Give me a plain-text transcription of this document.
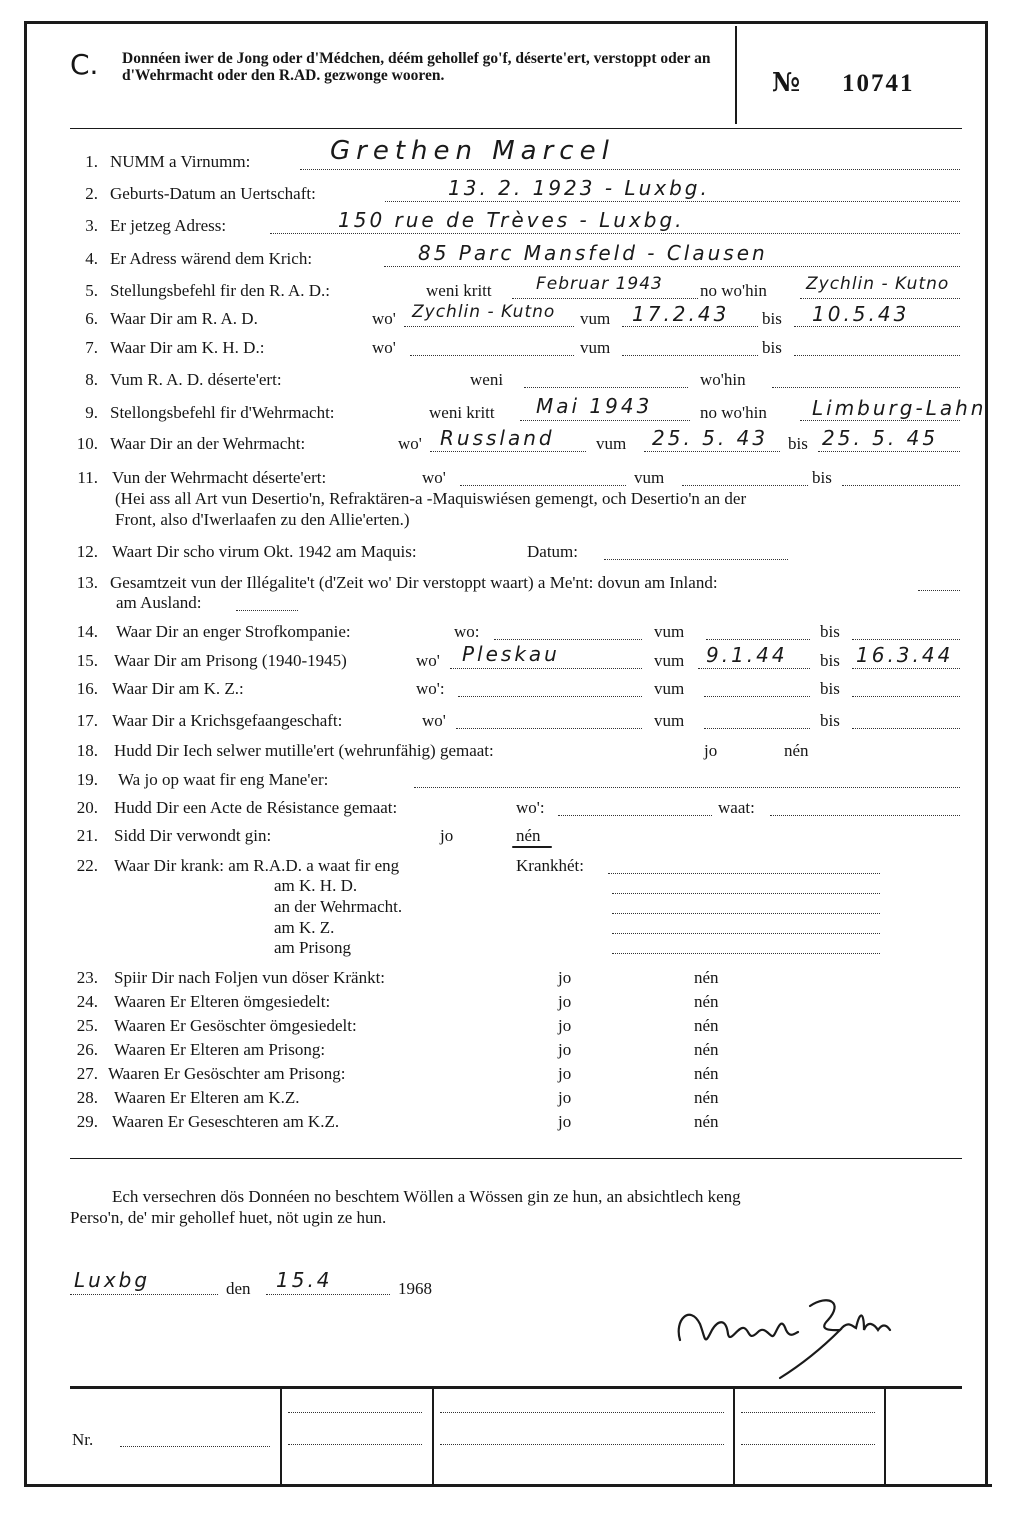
C. Donnéen iwer de Jong oder d'Médchen, déém gehollef go'f, déserte'ert, verstoppt oder an d'Wehrmacht oder den R.AD. gezwonge wooren.	№ 10741
1. NUMM a Virnumm:	Grethen Marcel
2. Geburts-Datum an Uertschaft:	13. 2. 1923 - Luxbg.
3. Er jetzeg Adress:	150 rue de Trèves - Luxbg.
4. Er Adress wärend dem Krich:	85 Parc Mansfeld - Clausen
5. Stellungsbefehl fir den R. A. D.:	weni kritt	Februar 1943 no wo'hin Zychlin - Kutno
6. Waar Dir am R. A. D.	wo' Zychlin - Kutno vum 17.2.43 bis 10.5.43
7. Waar Dir am K. H. D.:	wo'	vum	bis
8. Vum R. A. D. déserte'ert:	weni	wo'hin
9. Stellongsbefehl fir d'Wehrmacht:	weni kritt Mai 1943	no wo'hin Limburg-Lahn
10. Waar Dir an der Wehrmacht:	wo' Russland vum 25. 5. 43 bis 25. 5. 45
11. Vun der Wehrmacht déserte'ert:	wo'	vum	bis
(Hei ass all Art vun Desertio'n, Refraktären-a -Maquiswiésen gemengt, och Desertio'n an der
Front, also d'Iwerlaafen zu den Allie'erten.)
12. Waart Dir scho virum Okt. 1942 am Maquis:	Datum:
13. Gesamtzeit vun der Illégalite't (d'Zeit wo' Dir verstoppt waart) a Me'nt: dovun am Inland:
am Ausland:
14. Waar Dir an enger Strofkompanie:	wo:	vum	bis
15. Waar Dir am Prisong (1940-1945)	wo' Pleskau	vum 9.1.44 bis 16.3.44
16. Waar Dir am K. Z.:	wo':	vum	bis
17. Waar Dir a Krichsgefaangeschaft:	wo'	vum	bis
18. Hudd Dir Iech selwer mutille'ert (wehrunfähig) gemaat:	jo	nén
19. Wa jo op waat fir eng Mane'er:
20. Hudd Dir een Acte de Résistance gemaat:	wo':	waat:
21. Sidd Dir verwondt gin:	jo	nén
22. Waar Dir krank: am R.A.D. a waat fir eng	Krankhét:
am K. H. D.
an der Wehrmacht.
am K. Z.
am Prisong
23. Spiir Dir nach Foljen vun döser Kränkt:	jo	nén
24. Waaren Er Elteren ömgesiedelt:	jo	nén
25. Waaren Er Gesöschter ömgesiedelt:	jo	nén
26. Waaren Er Elteren am Prisong:	jo	nén
27. Waaren Er Gesöschter am Prisong:	jo	nén
28. Waaren Er Elteren am K.Z.	jo	nén
29. Waaren Er Geseschteren am K.Z.	jo	nén
Ech versechren dös Donnéen no beschtem Wöllen a Wössen gin ze hun, an absichtlech keng
Perso'n, de' mir gehollef huet, nöt ugin ze hun.
Luxbg	den 15.4	1968
Nr.
